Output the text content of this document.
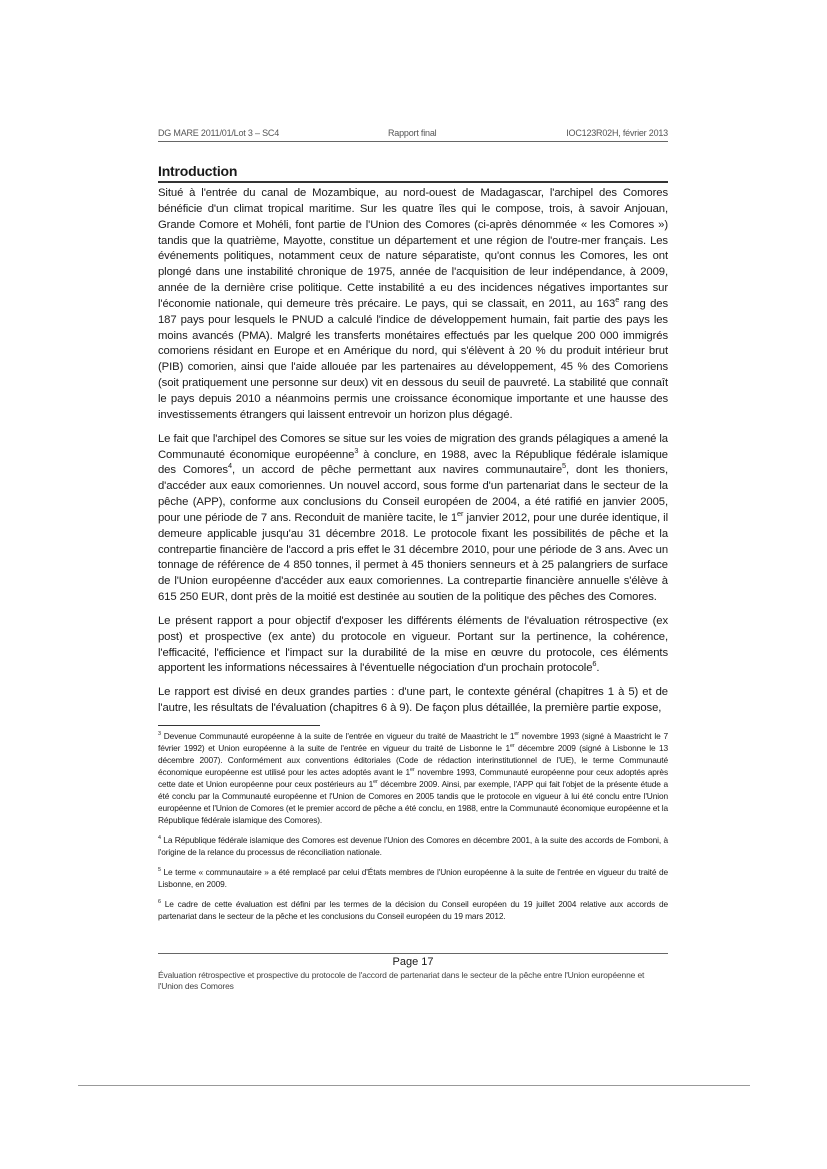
DG MARE 2011/01/Lot 3 – SC4	Rapport final	IOC123R02H, février 2013
Introduction

Situé à l'entrée du canal de Mozambique, au nord-ouest de Madagascar, l'archipel des Comores bénéficie d'un climat tropical maritime. Sur les quatre îles qui le compose, trois, à savoir Anjouan, Grande Comore et Mohéli, font partie de l'Union des Comores (ci-après dénommée « les Comores ») tandis que la quatrième, Mayotte, constitue un département et une région de l'outre-mer français. Les événements politiques, notamment ceux de nature séparatiste, qu'ont connus les Comores, les ont plongé dans une instabilité chronique de 1975, année de l'acquisition de leur indépendance, à 2009, année de la dernière crise politique. Cette instabilité a eu des incidences négatives importantes sur l'économie nationale, qui demeure très précaire. Le pays, qui se classait, en 2011, au 163e rang des 187 pays pour lesquels le PNUD a calculé l'indice de développement humain, fait partie des pays les moins avancés (PMA). Malgré les transferts monétaires effectués par les quelque 200 000 immigrés comoriens résidant en Europe et en Amérique du nord, qui s'élèvent à 20 % du produit intérieur brut (PIB) comorien, ainsi que l'aide allouée par les partenaires au développement, 45 % des Comoriens (soit pratiquement une personne sur deux) vit en dessous du seuil de pauvreté. La stabilité que connaît le pays depuis 2010 a néanmoins permis une croissance économique importante et une hausse des investissements étrangers qui laissent entrevoir un horizon plus dégagé.

Le fait que l'archipel des Comores se situe sur les voies de migration des grands pélagiques a amené la Communauté économique européenne$^3$ à conclure, en 1988, avec la République fédérale islamique des Comores$^4$, un accord de pêche permettant aux navires communautaire$^5$, dont les thoniers, d'accéder aux eaux comoriennes. Un nouvel accord, sous forme d'un partenariat dans le secteur de la pêche (APP), conforme aux conclusions du Conseil européen de 2004, a été ratifié en janvier 2005, pour une période de 7 ans. Reconduit de manière tacite, le 1er janvier 2012, pour une durée identique, il demeure applicable jusqu'au 31 décembre 2018. Le protocole fixant les possibilités de pêche et la contrepartie financière de l'accord a pris effet le 31 décembre 2010, pour une période de 3 ans. Avec un tonnage de référence de 4 850 tonnes, il permet à 45 thoniers senneurs et à 25 palangriers de surface de l'Union européenne d'accéder aux eaux comoriennes. La contrepartie financière annuelle s'élève à 615 250 EUR, dont près de la moitié est destinée au soutien de la politique des pêches des Comores.

Le présent rapport a pour objectif d'exposer les différents éléments de l'évaluation rétrospective (ex post) et prospective (ex ante) du protocole en vigueur. Portant sur la pertinence, la cohérence, l'efficacité, l'efficience et l'impact sur la durabilité de la mise en œuvre du protocole, ces éléments apportent les informations nécessaires à l'éventuelle négociation d'un prochain protocole$^6$.

Le rapport est divisé en deux grandes parties : d'une part, le contexte général (chapitres 1 à 5) et de l'autre, les résultats de l'évaluation (chapitres 6 à 9). De façon plus détaillée, la première partie expose,

$^3$ Devenue Communauté européenne à la suite de l'entrée en vigueur du traité de Maastricht le 1er novembre 1993 (signé à Maastricht le 7 février 1992) et Union européenne à la suite de l'entrée en vigueur du traité de Lisbonne le 1er décembre 2009 (signé à Lisbonne le 13 décembre 2007). Conformément aux conventions éditoriales (Code de rédaction interinstitutionnel de l'UE), le terme Communauté économique européenne est utilisé pour les actes adoptés avant le 1er novembre 1993, Communauté européenne pour ceux adoptés après cette date et Union européenne pour ceux postérieurs au 1er décembre 2009. Ainsi, par exemple, l'APP qui fait l'objet de la présente étude a été conclu par la Communauté européenne et l'Union de Comores en 2005 tandis que le protocole en vigueur à lui été conclu entre l'Union européenne et l'Union de Comores (et le premier accord de pêche a été conclu, en 1988, entre la Communauté économique européenne et la République fédérale islamique des Comores).

$^4$ La République fédérale islamique des Comores est devenue l'Union des Comores en décembre 2001, à la suite des accords de Fomboni, à l'origine de la relance du processus de réconciliation nationale.

$^5$ Le terme « communautaire » a été remplacé par celui d'États membres de l'Union européenne à la suite de l'entrée en vigueur du traité de Lisbonne, en 2009.

$^6$ Le cadre de cette évaluation est défini par les termes de la décision du Conseil européen du 19 juillet 2004 relative aux accords de partenariat dans le secteur de la pêche et les conclusions du Conseil européen du 19 mars 2012.

Page 17
Évaluation rétrospective et prospective du protocole de l'accord de partenariat dans le secteur de la pêche entre l'Union européenne et l'Union des Comores
